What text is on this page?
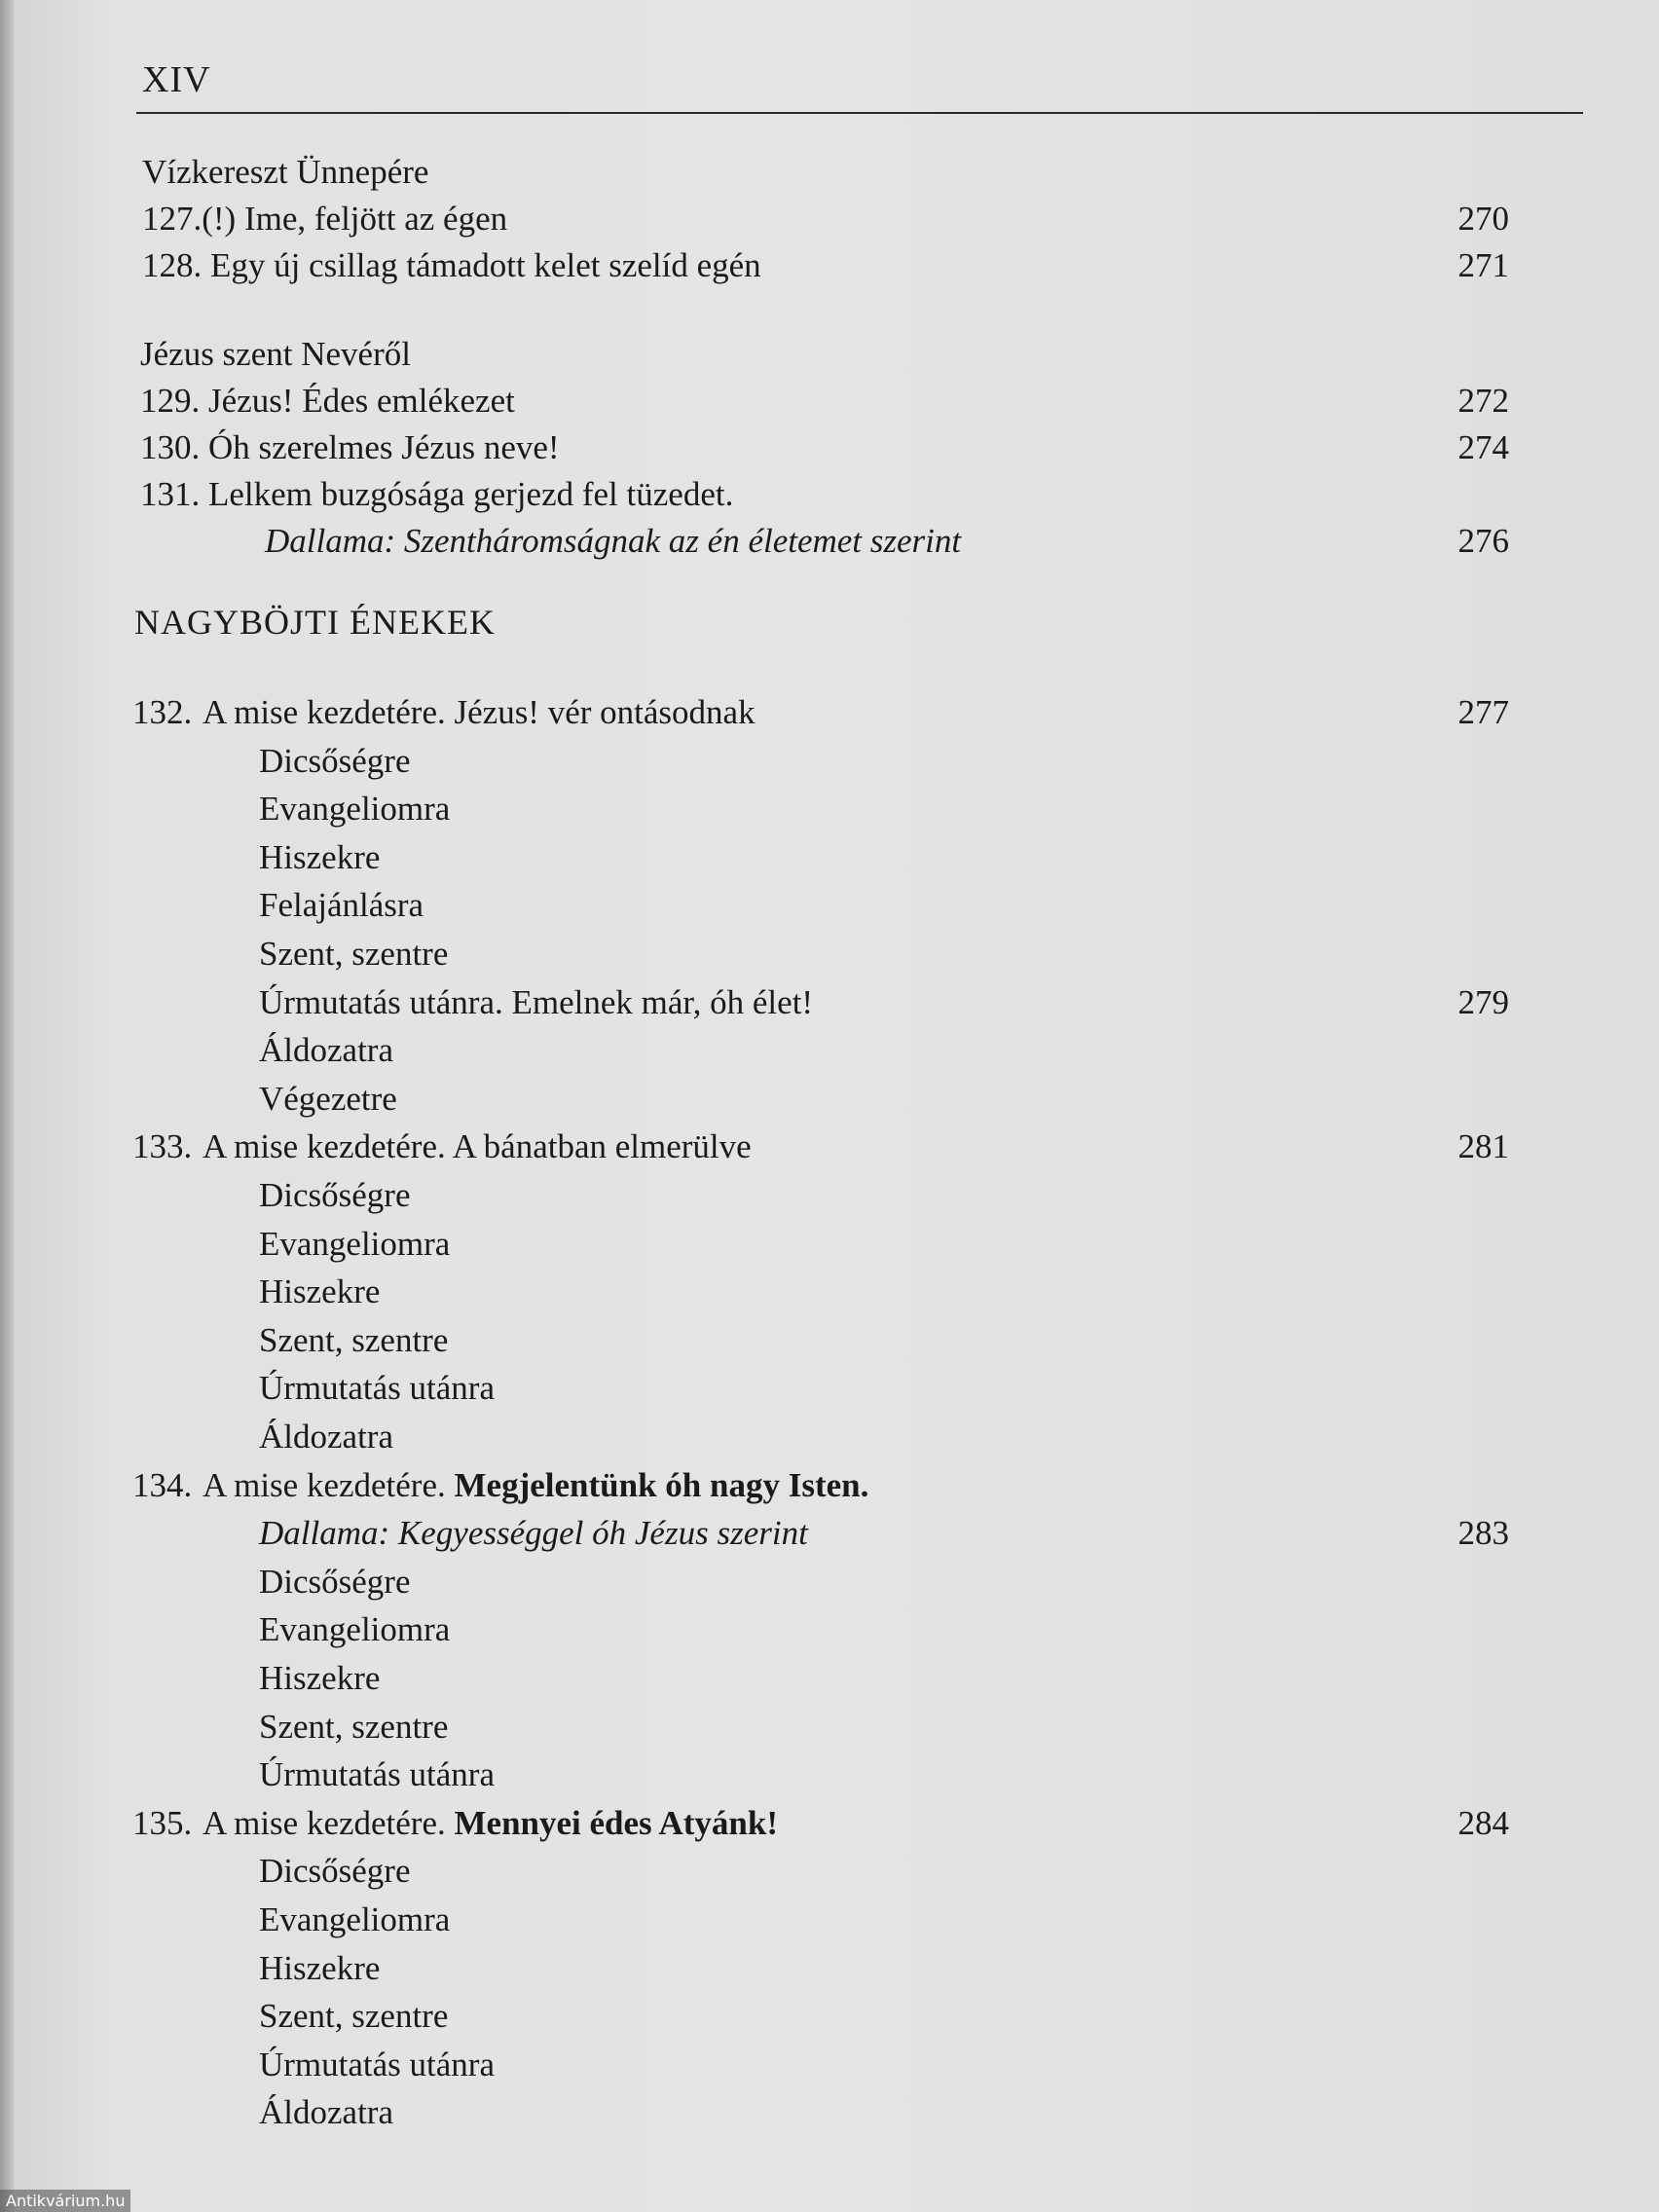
XIV
Vízkereszt Ünnepére
127.(!) Ime, feljött az égen	270
128. Egy új csillag támadott kelet szelíd egén	271
Jézus szent Nevéről
129. Jézus! Édes emlékezet	272
130. Óh szerelmes Jézus neve!	274
131. Lelkem buzgósága gerjezd fel tüzedet.
Dallama: Szentháromságnak az én életemet szerint	276
NAGYBÖJTI ÉNEKEK
132. A mise kezdetére. Jézus! vér ontásodnak	277
Dicsőségre
Evangeliomra
Hiszekre
Felajánlásra
Szent, szentre
Úrmutatás utánra. Emelnek már, óh élet!	279
Áldozatra
Végezetre
133. A mise kezdetére. A bánatban elmerülve	281
Dicsőségre
Evangeliomra
Hiszekre
Szent, szentre
Úrmutatás utánra
Áldozatra
134. A mise kezdetére. Megjelentünk óh nagy Isten.
Dallama: Kegyességgel óh Jézus szerint	283
Dicsőségre
Evangeliomra
Hiszekre
Szent, szentre
Úrmutatás utánra
135. A mise kezdetére. Mennyei édes Atyánk!	284
Dicsőségre
Evangeliomra
Hiszekre
Szent, szentre
Úrmutatás utánra
Áldozatra
Antikvárium.hu
